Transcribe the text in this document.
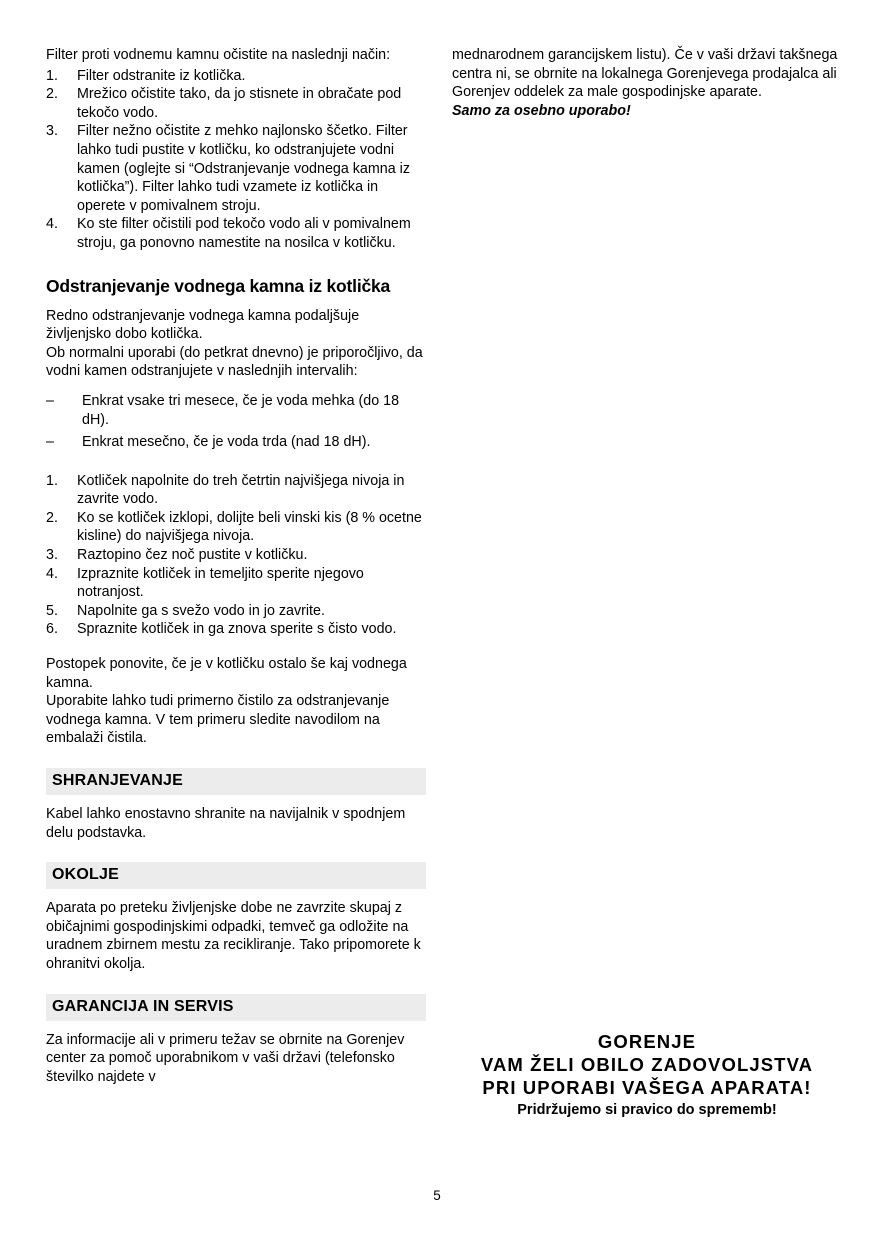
Filter proti vodnemu kamnu očistite na naslednji način:

1.	Filter odstranite iz kotlička.
2.	Mrežico očistite tako, da jo stisnete in obračate pod tekočo vodo.
3.	Filter nežno očistite z mehko najlonsko ščetko. Filter lahko tudi pustite v kotličku, ko odstranjujete vodni kamen (oglejte si “Odstranjevanje vodnega kamna iz kotlička”). Filter lahko tudi vzamete iz kotlička in operete v pomivalnem stroju.
4.	Ko ste filter očistili pod tekočo vodo ali v pomivalnem stroju, ga ponovno namestite na nosilca v kotličku.
Odstranjevanje vodnega kamna iz kotlička

Redno odstranjevanje vodnega kamna podaljšuje življenjsko dobo kotlička.

Ob normalni uporabi (do petkrat dnevno) je priporočljivo, da vodni kamen odstranjujete v naslednjih intervalih:

– Enkrat vsake tri mesece, če je voda mehka (do 18 dH).
– Enkrat mesečno, če je voda trda (nad 18 dH).
1.	Kotliček napolnite do treh četrtin najvišjega nivoja in zavrite vodo.
2.	Ko se kotliček izklopi, dolijte beli vinski kis (8 % ocetne kisline) do najvišjega nivoja.
3.	Raztopino čez noč pustite v kotličku.
4.	Izpraznite kotliček in temeljito sperite njegovo notranjost.
5.	Napolnite ga s svežo vodo in jo zavrite.
6.	Spraznite kotliček in ga znova sperite s čisto vodo.

Postopek ponovite, če je v kotličku ostalo še kaj vodnega kamna.

Uporabite lahko tudi primerno čistilo za odstranjevanje vodnega kamna. V tem primeru sledite navodilom na embalaži čistila.

SHRANJEVANJE

Kabel lahko enostavno shranite na navijalnik v spodnjem delu podstavka.

OKOLJE

Aparata po preteku življenjske dobe ne zavrzite skupaj z običajnimi gospodinjskimi odpadki, temveč ga odložite na uradnem zbirnem mestu za recikliranje. Tako pripomorete k ohranitvi okolja.

GARANCIJA IN SERVIS

Za informacije ali v primeru težav se obrnite na Gorenjev center za pomoč uporabnikom v vaši državi (telefonsko številko najdete v

mednarodnem garancijskem listu). Če v vaši državi takšnega centra ni, se obrnite na lokalnega Gorenjevega prodajalca ali Gorenjev oddelek za male gospodinjske aparate.

Samo za osebno uporabo!

GORENJE
VAM ŽELI OBILO ZADOVOLJSTVA
PRI UPORABI VAŠEGA APARATA!
Pridržujemo si pravico do sprememb!
5
